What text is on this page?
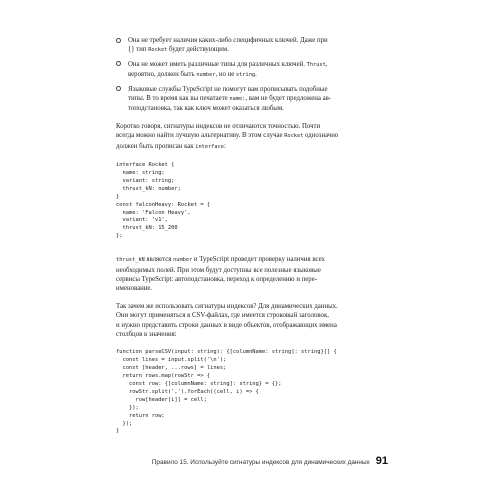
Она не требует наличия каких-либо специфичных ключей. Даже при
{} тип Rocket будет действующим.
Она не может иметь различные типы для различных ключей. Thrust,
вероятно, должен быть number, но не string.
Языковые службы TypeScript не помогут вам прописывать подобные
типы. В то время как вы печатаете name:, вам не будет предложена ав-
топодстановка, так как ключ может оказаться любым.

Коротко говоря, сигнатуры индексов не отличаются точностью. Почти
всегда можно найти лучшую альтернативу. В этом случае Rocket однозначно
должен быть прописан как interface:

interface Rocket {
name: string;
variant: string;
thrust_kN: number;
}
const falconHeavy: Rocket = {
name: 'Falcon Heavy',
variant: 'v1',
thrust_kN: 15_200
};

thrust_kN является number и TypeScript проведет проверку наличия всех
необходимых полей. При этом будут доступны все полезные языковые
сервисы TypeScript: автоподстановка, переход к определению и пере-
именование.

Так зачем же использовать сигнатуры индексов? Для динамических данных.
Они могут применяться в CSV-файлах, где имеется строковый заголовок,
и нужно представить строки данных в виде объектов, отображающих имена
столбцов в значения:

function parseCSV(input: string): {[columnName: string]: string}[] {
const lines = input.split('\n');
const [header, ...rows] = lines;
return rows.map(rowStr => {
const row: {[columnName: string]: string} = {};
rowStr.split(',').forEach((cell, i) => {
row[header[i]] = cell;
});
return row;
});
}
Правило 15. Используйте сигнатуры индексов для динамических данных 91
